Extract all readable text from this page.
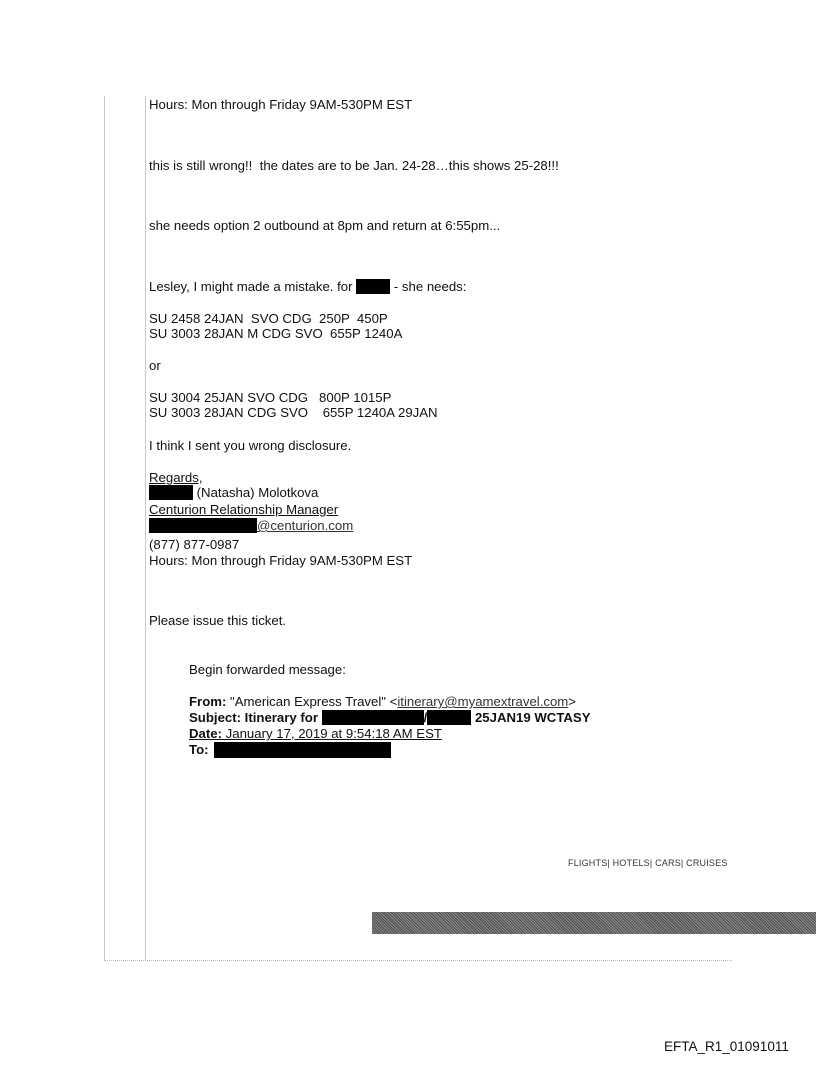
Hours: Mon through Friday 9AM-530PM EST
this is still wrong!!  the dates are to be Jan. 24-28…this shows 25-28!!!
she needs option 2 outbound at 8pm and return at 6:55pm...
Lesley, I might made a mistake. for	- she needs:
SU 2458 24JAN  SVO CDG  250P  450P
SU 3003 28JAN M CDG SVO  655P 1240A
or
SU 3004 25JAN SVO CDG   800P 1015P
SU 3003 28JAN CDG SVO    655P 1240A 29JAN
I think I sent you wrong disclosure.
Regards,
(Natasha) Molotkova
Centurion Relationship Manager
@centurion.com
(877) 877-0987
Hours: Mon through Friday 9AM-530PM EST
Please issue this ticket.
Begin forwarded message:
From: "American Express Travel" <itinerary@myamextravel.com>
Subject: Itinerary for	/	25JAN19 WCTASY
Date: January 17, 2019 at 9:54:18 AM EST
To:
FLIGHTS| HOTELS| CARS| CRUISES
EFTA_R1_01091011
